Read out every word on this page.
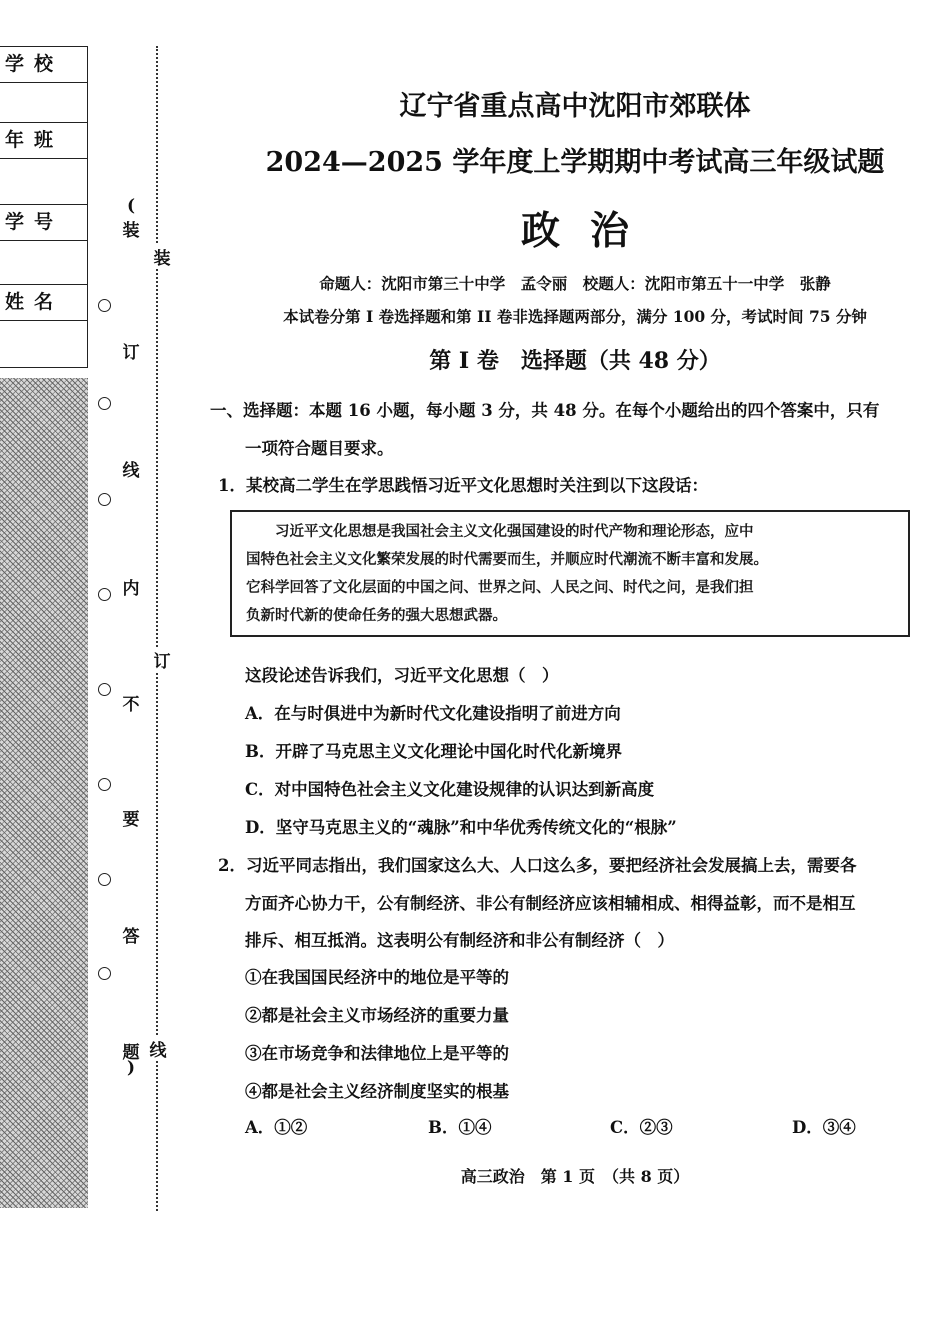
学校
年班
学号
姓名
(
装
订
线
内
不
要
答
题
)
装
订
线
辽宁省重点高中沈阳市郊联体
2024—2025 学年度上学期期中考试高三年级试题
政治
命题人：沈阳市第三十中学　孟令丽　校题人：沈阳市第五十一中学　张静
本试卷分第 I 卷选择题和第 II 卷非选择题两部分，满分 100 分，考试时间 75 分钟
第 I 卷　选择题（共 48 分）
一、选择题：本题 16 小题，每小题 3 分，共 48 分。在每个小题给出的四个答案中，只有
一项符合题目要求。
1．某校高二学生在学思践悟习近平文化思想时关注到以下这段话：
　　习近平文化思想是我国社会主义文化强国建设的时代产物和理论形态，应中
国特色社会主义文化繁荣发展的时代需要而生，并顺应时代潮流不断丰富和发展。
它科学回答了文化层面的中国之问、世界之问、人民之问、时代之问，是我们担
负新时代新的使命任务的强大思想武器。
这段论述告诉我们，习近平文化思想（　）
A．在与时俱进中为新时代文化建设指明了前进方向
B．开辟了马克思主义文化理论中国化时代化新境界
C．对中国特色社会主义文化建设规律的认识达到新高度
D．坚守马克思主义的“魂脉”和中华优秀传统文化的“根脉”
2．习近平同志指出，我们国家这么大、人口这么多，要把经济社会发展搞上去，需要各
方面齐心协力干，公有制经济、非公有制经济应该相辅相成、相得益彰，而不是相互
排斥、相互抵消。这表明公有制经济和非公有制经济（　）
①在我国国民经济中的地位是平等的
②都是社会主义市场经济的重要力量
③在市场竞争和法律地位上是平等的
④都是社会主义经济制度坚实的根基
A．①②	B．①④	C．②③	D．③④
高三政治　第 1 页　（共 8 页）
